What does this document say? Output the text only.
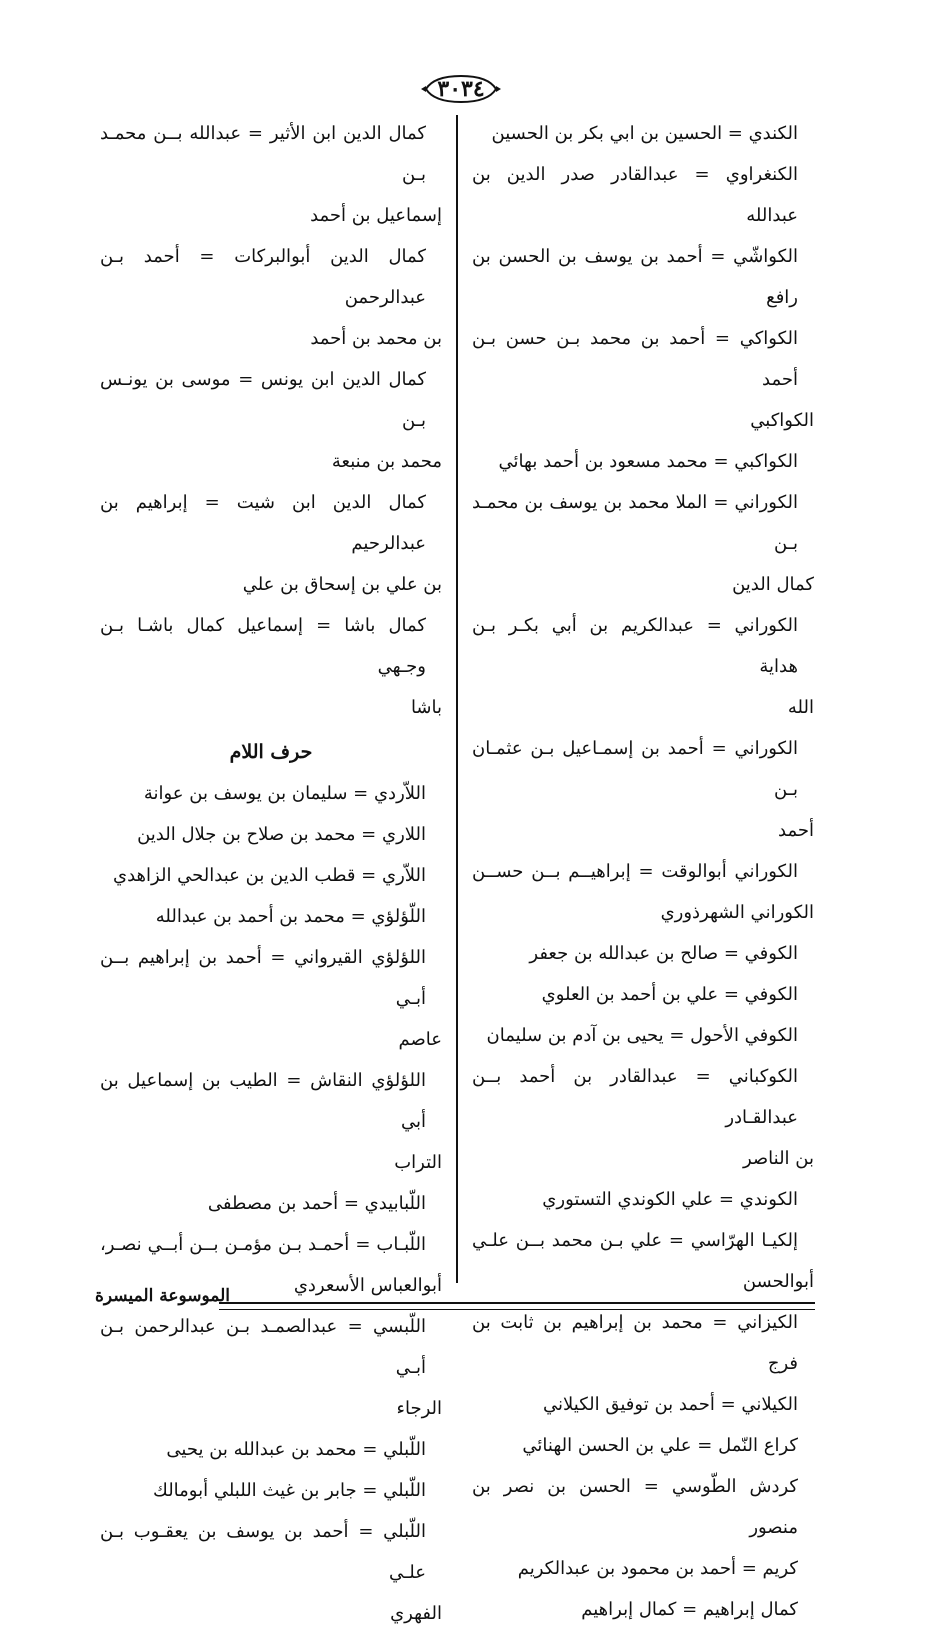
٣٠٣٤

الكندي = الحسين بن ابي بكر بن الحسين

الكنغراوي = عبدالقادر صدر الدين بن عبدالله

الكواشّي = أحمد بن يوسف بن الحسن بن رافع

الكواكي = أحمد بن محمد بـن حسن بـن أحمد
الكواكبي

الكواكبي = محمد مسعود بن أحمد بهائي

الكوراني = الملا محمد بن يوسف بن محمـد بـن
كمال الدين

الكوراني = عبدالكريم بن أبي بكـر بـن هداية
الله

الكوراني = أحمد بن إسمـاعيل بـن عثمـان بـن
أحمد

الكوراني أبوالوقت = إبراهيــم بــن حســن
الكوراني الشهرذوري

الكوفي = صالح بن عبدالله بن جعفر

الكوفي = علي بن أحمد بن العلوي

الكوفي الأحول = يحيى بن آدم بن سليمان

الكوكباني = عبدالقادر بن أحمد بــن عبدالقـادر
بن الناصر

الكوندي = علي الكوندي التستوري

إلكيـا الهرّاسي = علي بـن محمد بــن علـي
أبوالحسن

الكيزاني = محمد بن إبراهيم بن ثابت بن فرج

الكيلاني = أحمد بن توفيق الكيلاني

كراع النّمل = علي بن الحسن الهنائي

كردش الطّوسي = الحسن بن نصر بن منصور

كريم = أحمد بن محمود بن عبدالكريم

كمال إبراهيم = كمال إبراهيم

كمال الدين ابن الأثير = عبدالله بــن محمـد بـن
إسماعيل بن أحمد

كمال الدين أبوالبركات = أحمد بـن عبدالرحمن
بن محمد بن أحمد

كمال الدين ابن يونس = موسى بن يونـس بـن
محمد بن منبعة

كمال الدين ابن شيت = إبراهيم بن عبدالرحيم
بن علي بن إسحاق بن علي

كمال باشا = إسماعيل كمال باشـا بـن وجـهي
باشا

حرف اللام

اللاّردي = سليمان بن يوسف بن عوانة

اللاري = محمد بن صلاح بن جلال الدين

اللاّري = قطب الدين بن عبدالحي الزاهدي

اللّؤلؤي = محمد بن أحمد بن عبدالله

اللؤلؤي القيرواني = أحمد بن إبراهيم بــن أبـي
عاصم

اللؤلؤي النقاش = الطيب بن إسماعيل بن أبي
التراب

اللّبابيدي = أحمد بن مصطفى

اللّبـاب = أحمـد بـن مؤمـن بــن أبــي نصـر،
أبوالعباس الأسعردي

اللّبسي = عبدالصمـد بـن عبدالرحمن بـن أبـي
الرجاء

اللّبلي = محمد بن عبدالله بن يحيى

اللّبلي = جابر بن غيث اللبلي أبومالك

اللّبلي = أحمد بن يوسف بن يعقـوب بـن علـي
الفهري

الموسوعة الميسرة
